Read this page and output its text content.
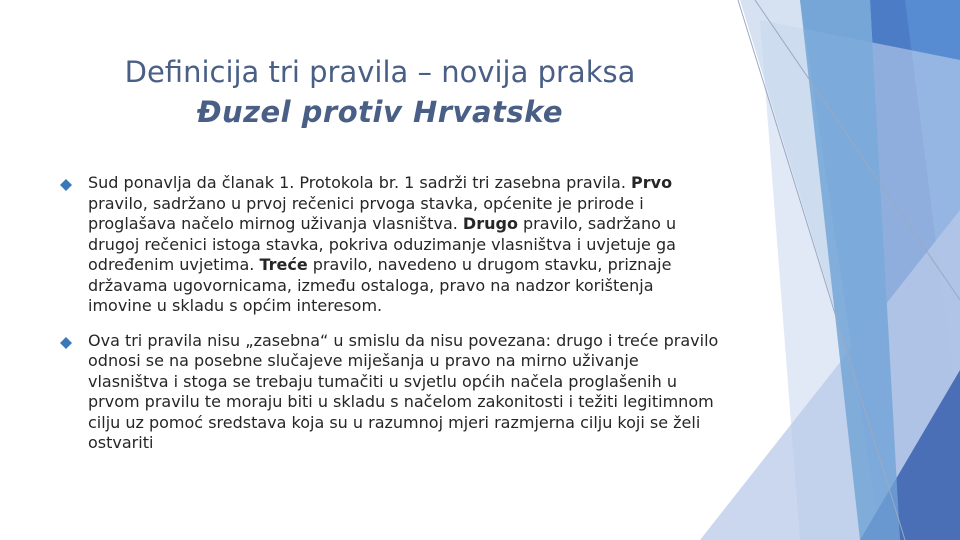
Definicija tri pravila – novija praksa
Đuzel protiv Hrvatske
Sud ponavlja da članak 1. Protokola br. 1 sadrži tri zasebna pravila. Prvo pravilo, sadržano u prvoj rečenici prvoga stavka, općenite je prirode i proglašava načelo mirnog uživanja vlasništva. Drugo pravilo, sadržano u drugoj rečenici istoga stavka, pokriva oduzimanje vlasništva i uvjetuje ga određenim uvjetima. Treće pravilo, navedeno u drugom stavku, priznaje državama ugovornicama, između ostaloga, pravo na nadzor korištenja imovine u skladu s općim interesom.
Ova tri pravila nisu „zasebna“ u smislu da nisu povezana: drugo i treće pravilo odnosi se na posebne slučajeve miješanja u pravo na mirno uživanje vlasništva i stoga se trebaju tumačiti u svjetlu općih načela proglašenih u prvom pravilu te moraju biti u skladu s načelom zakonitosti i težiti legitimnom cilju uz pomoć sredstava koja su u razumnoj mjeri razmjerna cilju koji se želi ostvariti
